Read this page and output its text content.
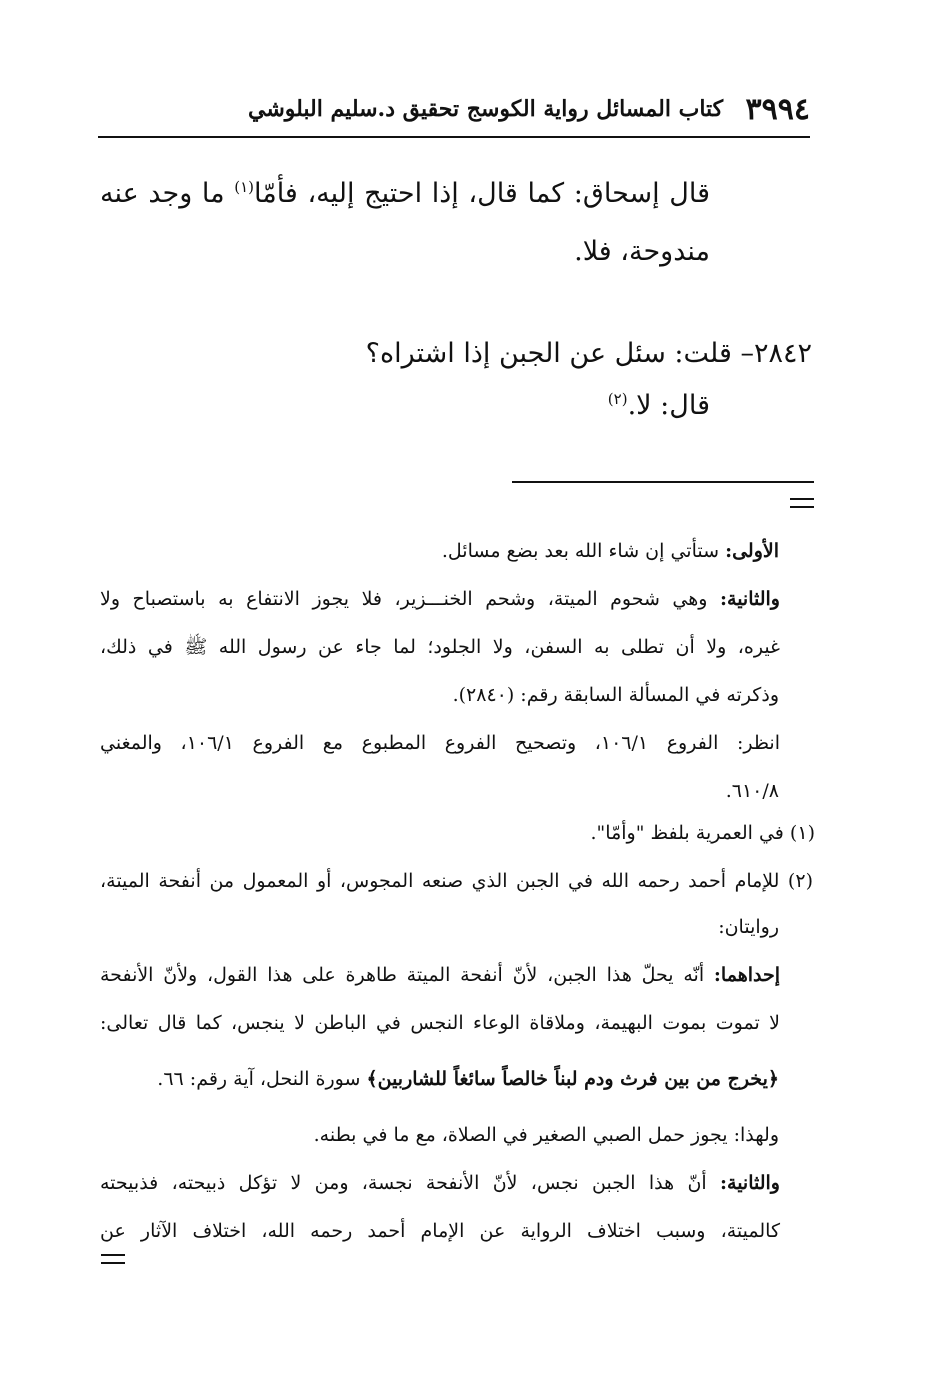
٣٩٩٤
كتاب المسائل رواية الكوسج تحقيق د.سليم البلوشي
قال إسحاق: كما قال، إذا احتيج إليه، فأمّا$^{(١)}$ ما وجد عنه
مندوحة، فلا.
٢٨٤٢– قلت: سئل عن الجبن إذا اشتراه؟
قال: لا.$^{(٢)}$
الأولى: ستأتي إن شاء الله بعد بضع مسائل.
والثانية: وهي شحوم الميتة، وشحم الخنـــزير، فلا يجوز الانتفاع به باستصباح ولا
غيره، ولا أن تطلى به السفن، ولا الجلود؛ لما جاء عن رسول الله ﷺ في ذلك،
وذكرته في المسألة السابقة رقم: (٢٨٤٠).
انظر: الفروع ١٠٦/١، وتصحيح الفروع المطبوع مع الفروع ١٠٦/١، والمغني
٦١٠/٨.
(١) في العمرية بلفظ "وأمّا".
(٢) للإمام أحمد رحمه الله في الجبن الذي صنعه المجوس، أو المعمول من أنفحة الميتة،
روايتان:
إحداهما: أنّه يحلّ هذا الجبن، لأنّ أنفحة الميتة طاهرة على هذا القول، ولأنّ الأنفحة
لا تموت بموت البهيمة، وملاقاة الوعاء النجس في الباطن لا ينجس، كما قال تعالى:
﴿يخرج من بين فرث ودم لبناً خالصاً سائغاً للشاربين﴾ سورة النحل، آية رقم: ٦٦.
ولهذا: يجوز حمل الصبي الصغير في الصلاة، مع ما في بطنه.
والثانية: أنّ هذا الجبن نجس، لأنّ الأنفحة نجسة، ومن لا تؤكل ذبيحته، فذبيحته
كالميتة، وسبب اختلاف الرواية عن الإمام أحمد رحمه الله، اختلاف الآثار عن
